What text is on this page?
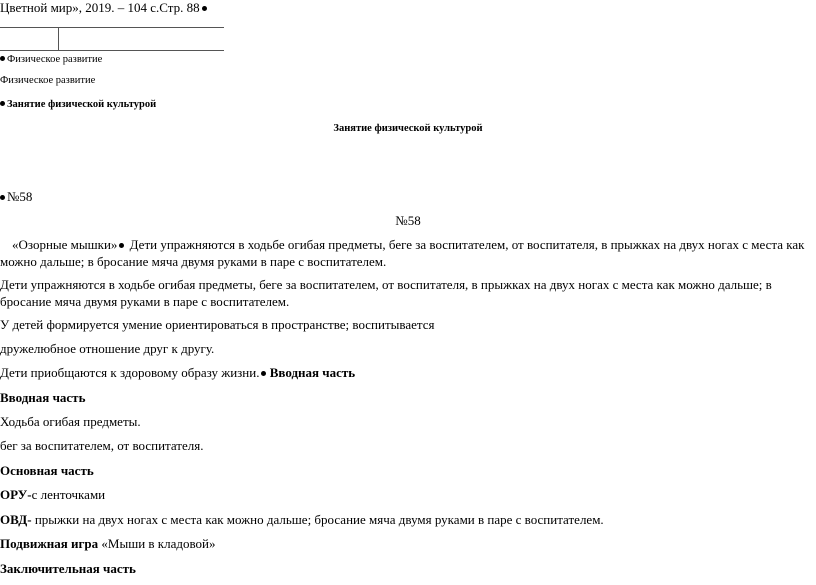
Цветной мир», 2019. – 104 с.Стр. 88
Физическое развитие
Физическое развитие
Занятие физической культурой
Занятие физической культурой
№58
№58
«Озорные мышки» Дети упражняются в ходьбе огибая предметы, беге за воспитателем, от воспитателя, в прыжках на двух ногах с места как можно дальше; в бросание мяча двумя руками в паре с воспитателем.
Дети упражняются в ходьбе огибая предметы, беге за воспитателем, от воспитателя, в прыжках на двух ногах с места как можно дальше; в бросание мяча двумя руками в паре с воспитателем.
У детей формируется умение ориентироваться в пространстве; воспитывается
дружелюбное отношение друг к другу.
Дети приобщаются к здоровому образу жизни. Вводная часть
Вводная часть
Ходьба огибая предметы.
бег за воспитателем, от воспитателя.
Основная часть
ОРУ-с ленточками
ОВД- прыжки на двух ногах с места как можно дальше; бросание мяча двумя руками в паре с воспитателем.
Подвижная игра «Мыши в кладовой»
Заключительная часть
